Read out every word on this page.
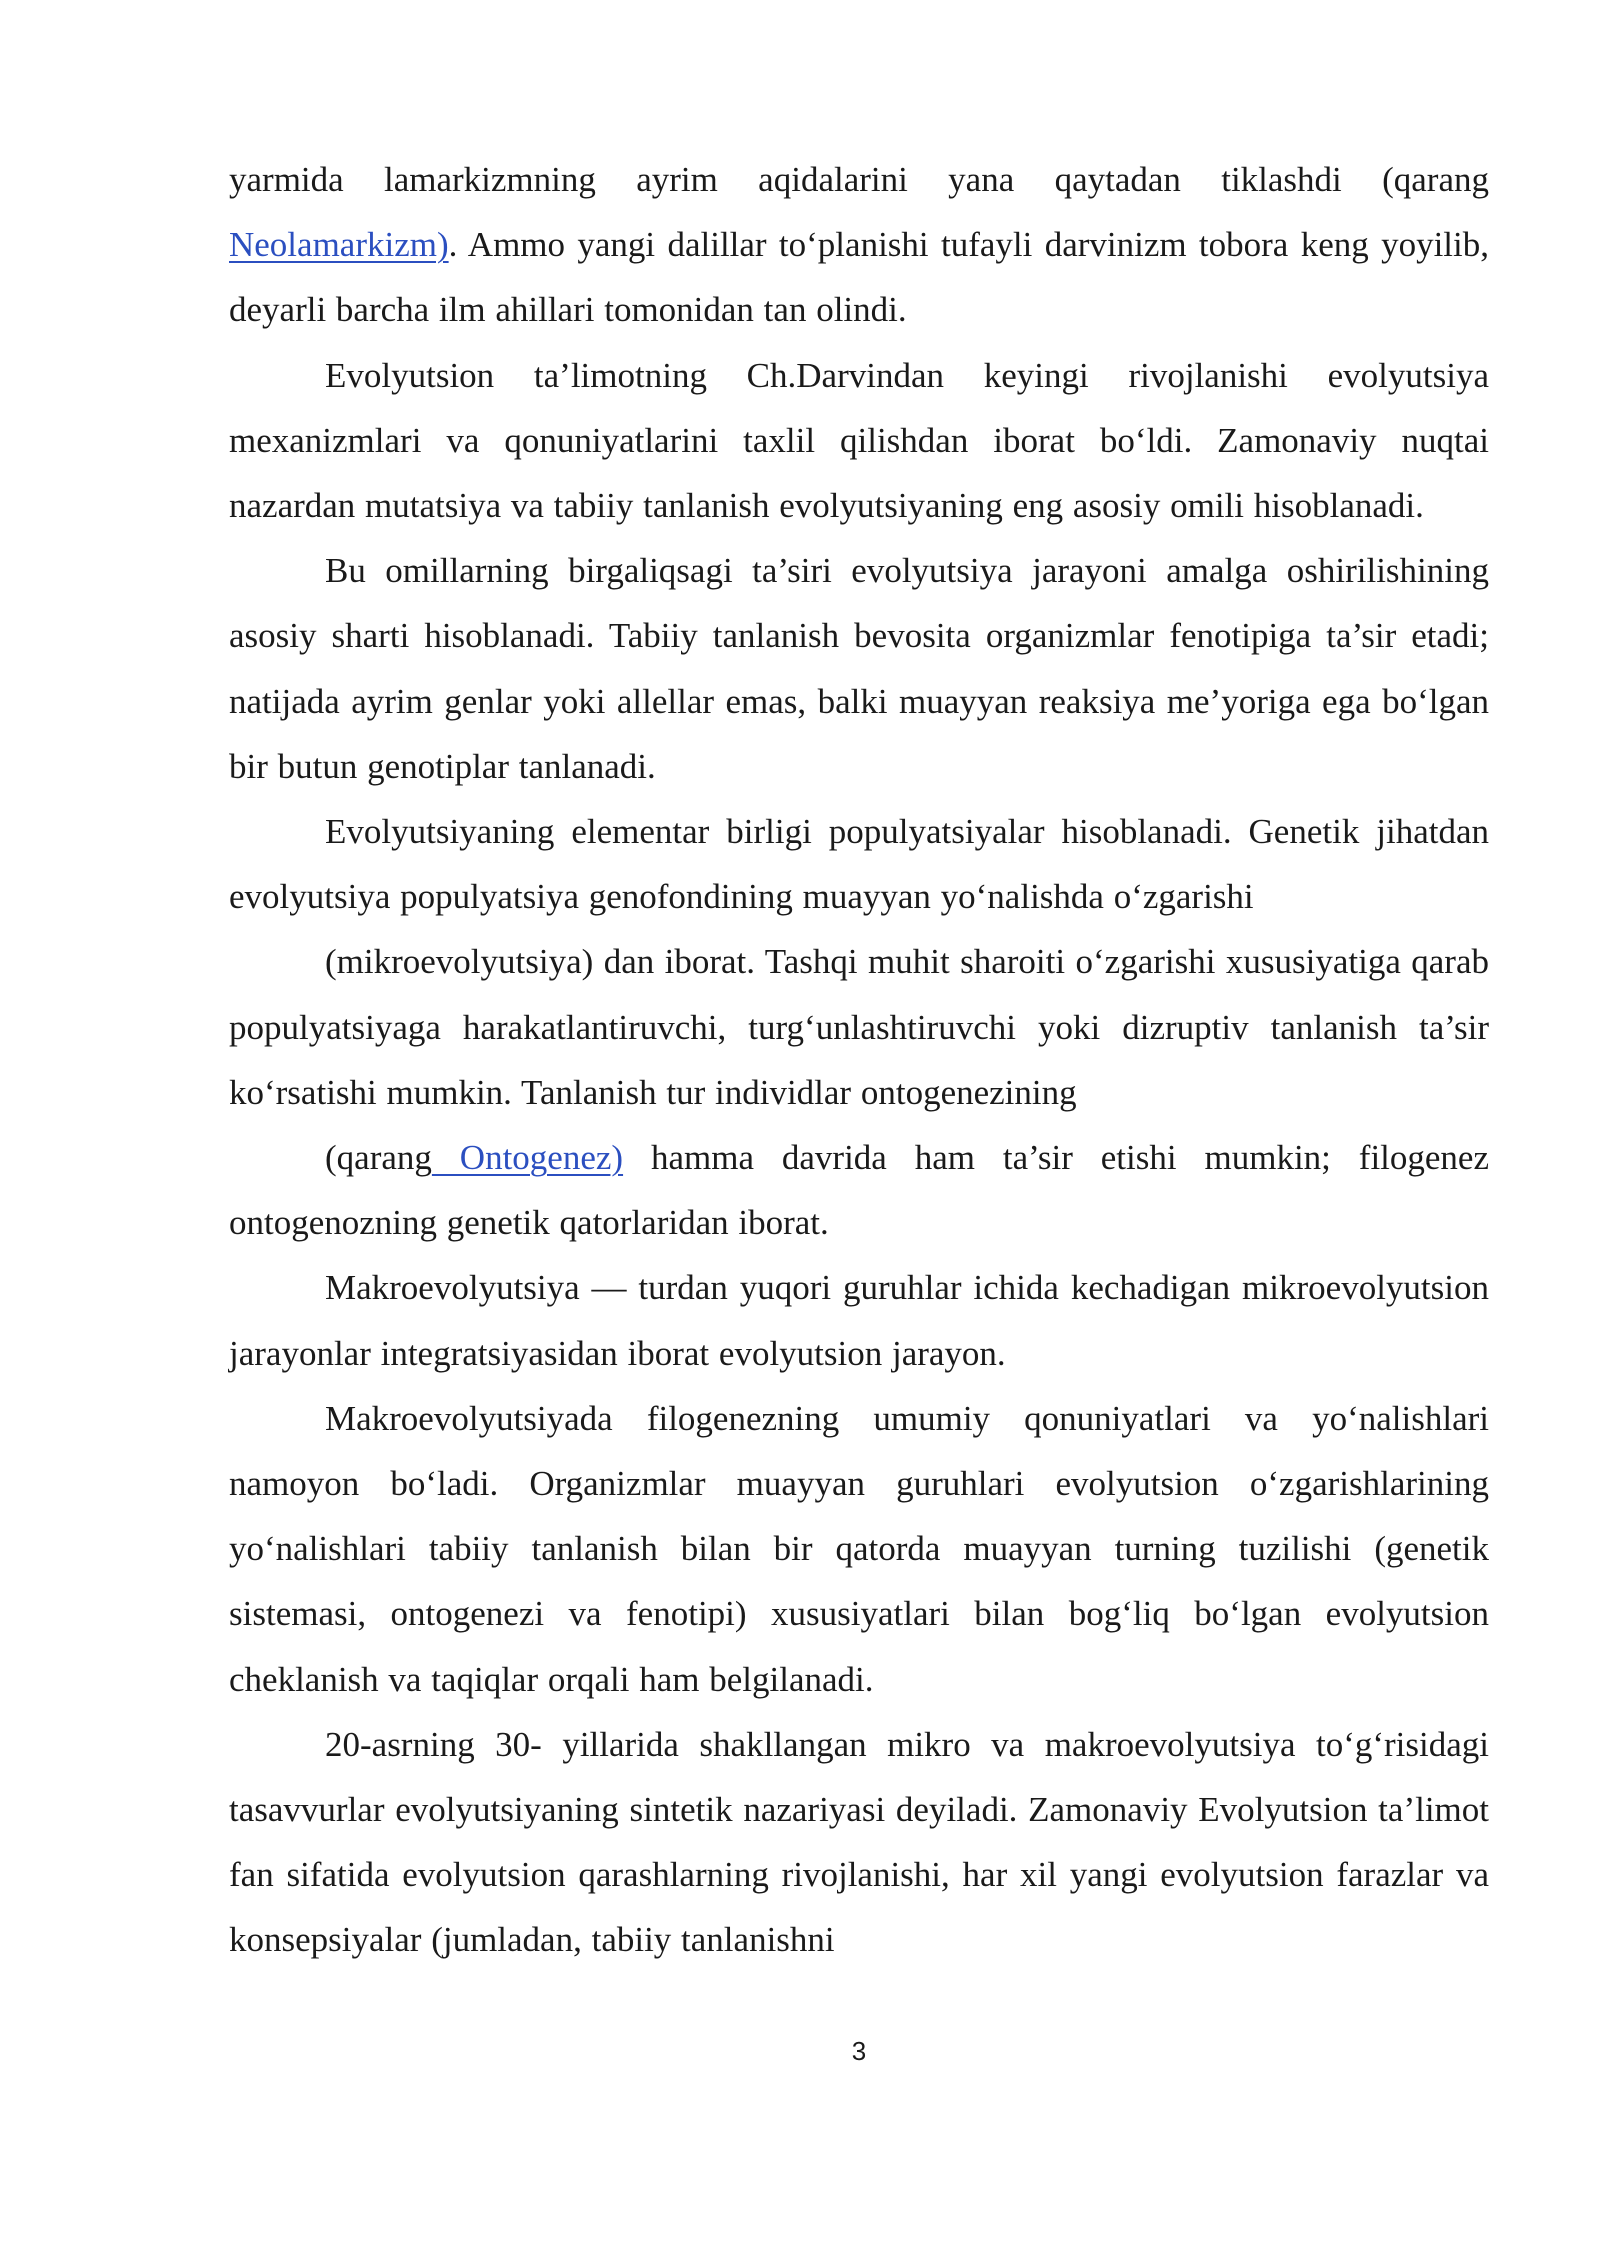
yarmida lamarkizmning ayrim aqidalarini yana qaytadan tiklashdi (qarang Neolamarkizm). Ammo yangi dalillar to‘planishi tufayli darvinizm tobora keng yoyilib, deyarli barcha ilm ahillari tomonidan tan olindi.

Evolyutsion ta’limotning Ch.Darvindan keyingi rivojlanishi evolyutsiya mexanizmlari va qonuniyatlarini taxlil qilishdan iborat bo‘ldi. Zamonaviy nuqtai nazardan mutatsiya va tabiiy tanlanish evolyutsiyaning eng asosiy omili hisoblanadi.

Bu omillarning birgaliqsagi ta’siri evolyutsiya jarayoni amalga oshirilishining asosiy sharti hisoblanadi. Tabiiy tanlanish bevosita organizmlar fenotipiga ta’sir etadi; natijada ayrim genlar yoki allellar emas, balki muayyan reaksiya me’yoriga ega bo‘lgan bir butun genotiplar tanlanadi.

Evolyutsiyaning elementar birligi populyatsiyalar hisoblanadi. Genetik jihatdan evolyutsiya populyatsiya genofondining muayyan yo‘nalishda o‘zgarishi

(mikroevolyutsiya) dan iborat. Tashqi muhit sharoiti o‘zgarishi xususiyatiga qarab populyatsiyaga harakatlantiruvchi, turg‘unlashtiruvchi yoki dizruptiv tanlanish ta’sir ko‘rsatishi mumkin. Tanlanish tur individlar ontogenezining

(qarang Ontogenez) hamma davrida ham ta’sir etishi mumkin; filogenez ontogenozning genetik qatorlaridan iborat.

Makroevolyutsiya — turdan yuqori guruhlar ichida kechadigan mikroevolyutsion jarayonlar integratsiyasidan iborat evolyutsion jarayon.

Makroevolyutsiyada filogenezning umumiy qonuniyatlari va yo‘nalishlari namoyon bo‘ladi. Organizmlar muayyan guruhlari evolyutsion o‘zgarishlarining yo‘nalishlari tabiiy tanlanish bilan bir qatorda muayyan turning tuzilishi (genetik sistemasi, ontogenezi va fenotipi) xususiyatlari bilan bog‘liq bo‘lgan evolyutsion cheklanish va taqiqlar orqali ham belgilanadi.

20-asrning 30- yillarida shakllangan mikro va makroevolyutsiya to‘g‘risidagi tasavvurlar evolyutsiyaning sintetik nazariyasi deyiladi. Zamonaviy Evolyutsion ta’limot fan sifatida evolyutsion qarashlarning rivojlanishi, har xil yangi evolyutsion farazlar va konsepsiyalar (jumladan, tabiiy tanlanishni

3
